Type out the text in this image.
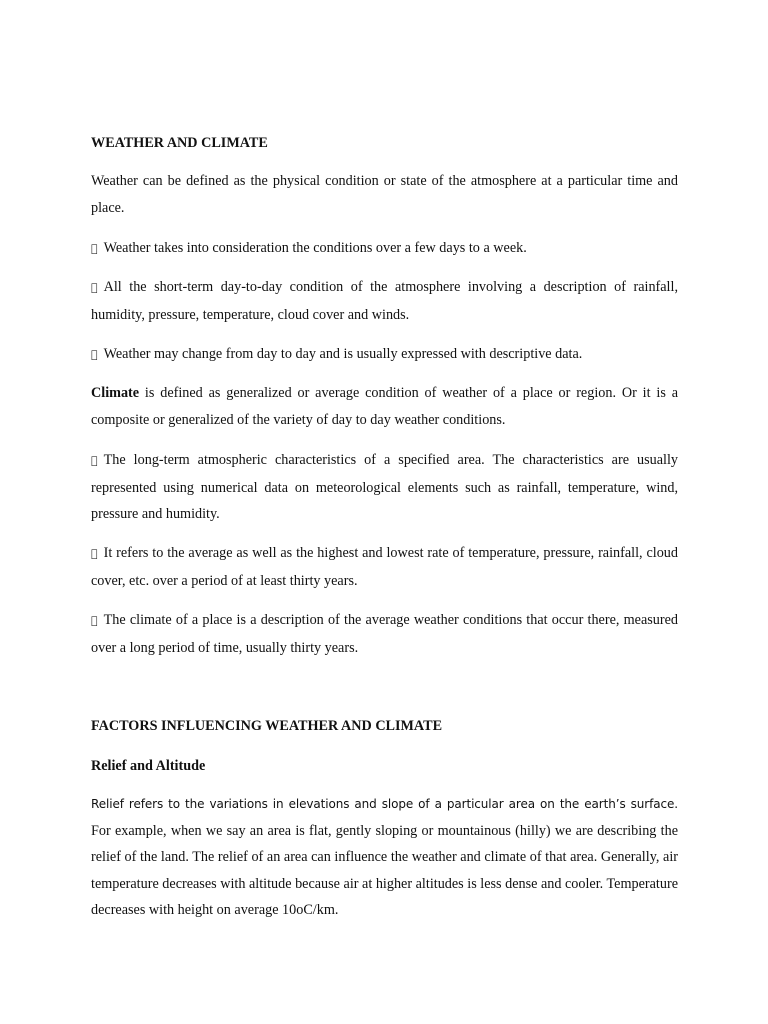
WEATHER AND CLIMATE

Weather can be defined as the physical condition or state of the atmosphere at a particular time and place.

Weather takes into consideration the conditions over a few days to a week.

All the short-term day-to-day condition of the atmosphere involving a description of rainfall, humidity, pressure, temperature, cloud cover and winds.

Weather may change from day to day and is usually expressed with descriptive data.

Climate is defined as generalized or average condition of weather of a place or region. Or it is a composite or generalized of the variety of day to day weather conditions.

The long-term atmospheric characteristics of a specified area. The characteristics are usually represented using numerical data on meteorological elements such as rainfall, temperature, wind, pressure and humidity.

It refers to the average as well as the highest and lowest rate of temperature, pressure, rainfall, cloud cover, etc. over a period of at least thirty years.

The climate of a place is a description of the average weather conditions that occur there, measured over a long period of time, usually thirty years.

FACTORS INFLUENCING WEATHER AND CLIMATE
Relief and Altitude

Relief refers to the variations in elevations and slope of a particular area on the earth’s surface. For example, when we say an area is flat, gently sloping or mountainous (hilly) we are describing the relief of the land. The relief of an area can influence the weather and climate of that area. Generally, air temperature decreases with altitude because air at higher altitudes is less dense and cooler. Temperature decreases with height on average 10oC/km.
